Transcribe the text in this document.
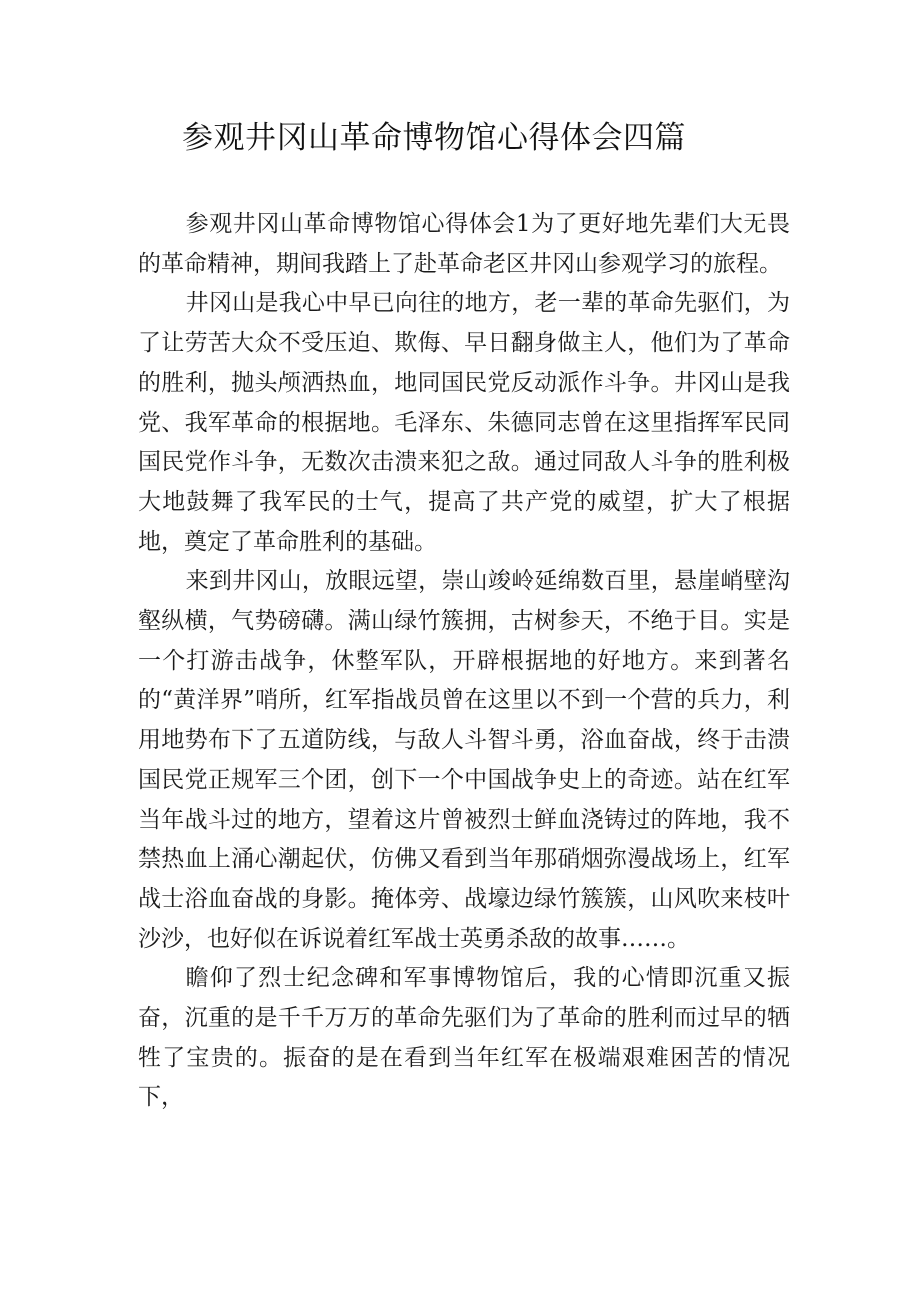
参观井冈山革命博物馆心得体会四篇

参观井冈山革命博物馆心得体会1为了更好地先辈们大无畏的革命精神，期间我踏上了赴革命老区井冈山参观学习的旅程。

井冈山是我心中早已向往的地方，老一辈的革命先驱们，为了让劳苦大众不受压迫、欺侮、早日翻身做主人，他们为了革命的胜利，抛头颅洒热血，地同国民党反动派作斗争。井冈山是我党、我军革命的根据地。毛泽东、朱德同志曾在这里指挥军民同国民党作斗争，无数次击溃来犯之敌。通过同敌人斗争的胜利极大地鼓舞了我军民的士气，提高了共产党的威望，扩大了根据地，奠定了革命胜利的基础。

来到井冈山，放眼远望，崇山竣岭延绵数百里，悬崖峭壁沟壑纵横，气势磅礴。满山绿竹簇拥，古树参天，不绝于目。实是一个打游击战争，休整军队，开辟根据地的好地方。来到著名的“黄洋界”哨所，红军指战员曾在这里以不到一个营的兵力，利用地势布下了五道防线，与敌人斗智斗勇，浴血奋战，终于击溃国民党正规军三个团，创下一个中国战争史上的奇迹。站在红军当年战斗过的地方，望着这片曾被烈士鲜血浇铸过的阵地，我不禁热血上涌心潮起伏，仿佛又看到当年那硝烟弥漫战场上，红军战士浴血奋战的身影。掩体旁、战壕边绿竹簇簇，山风吹来枝叶沙沙，也好似在诉说着红军战士英勇杀敌的故事……。

瞻仰了烈士纪念碑和军事博物馆后，我的心情即沉重又振奋，沉重的是千千万万的革命先驱们为了革命的胜利而过早的牺牲了宝贵的。振奋的是在看到当年红军在极端艰难困苦的情况下，
